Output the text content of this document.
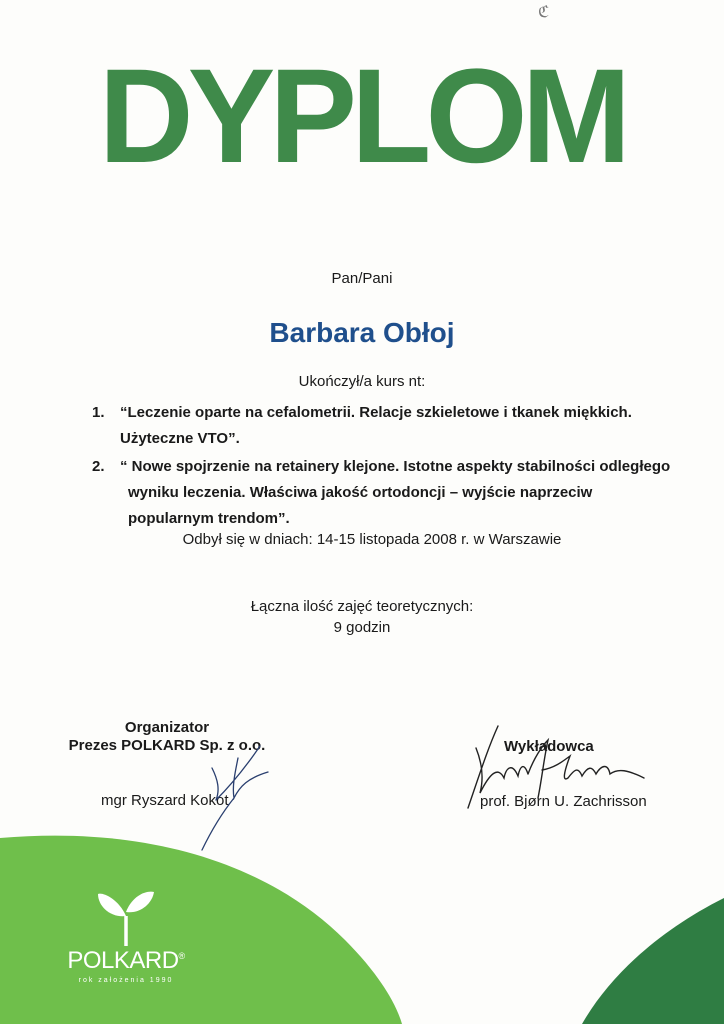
ℭ
DYPLOM
Pan/Pani
Barbara Obłoj
Ukończył/a kurs nt:
1. “Leczenie oparte na cefalometrii. Relacje szkieletowe i tkanek miękkich. Użyteczne VTO”.
2. “ Nowe spojrzenie na retainery klejone. Istotne aspekty stabilności odległego wyniku leczenia. Właściwa jakość ortodoncji – wyjście naprzeciw popularnym trendom”.
Odbył się w dniach: 14-15 listopada 2008 r. w Warszawie
Łączna ilość zajęć teoretycznych:
9 godzin
Organizator
Prezes POLKARD Sp. z o.o.
mgr Ryszard Kokot
Wykładowca
prof. Bjørn U. Zachrisson
POLKARD®
rok założenia 1990
